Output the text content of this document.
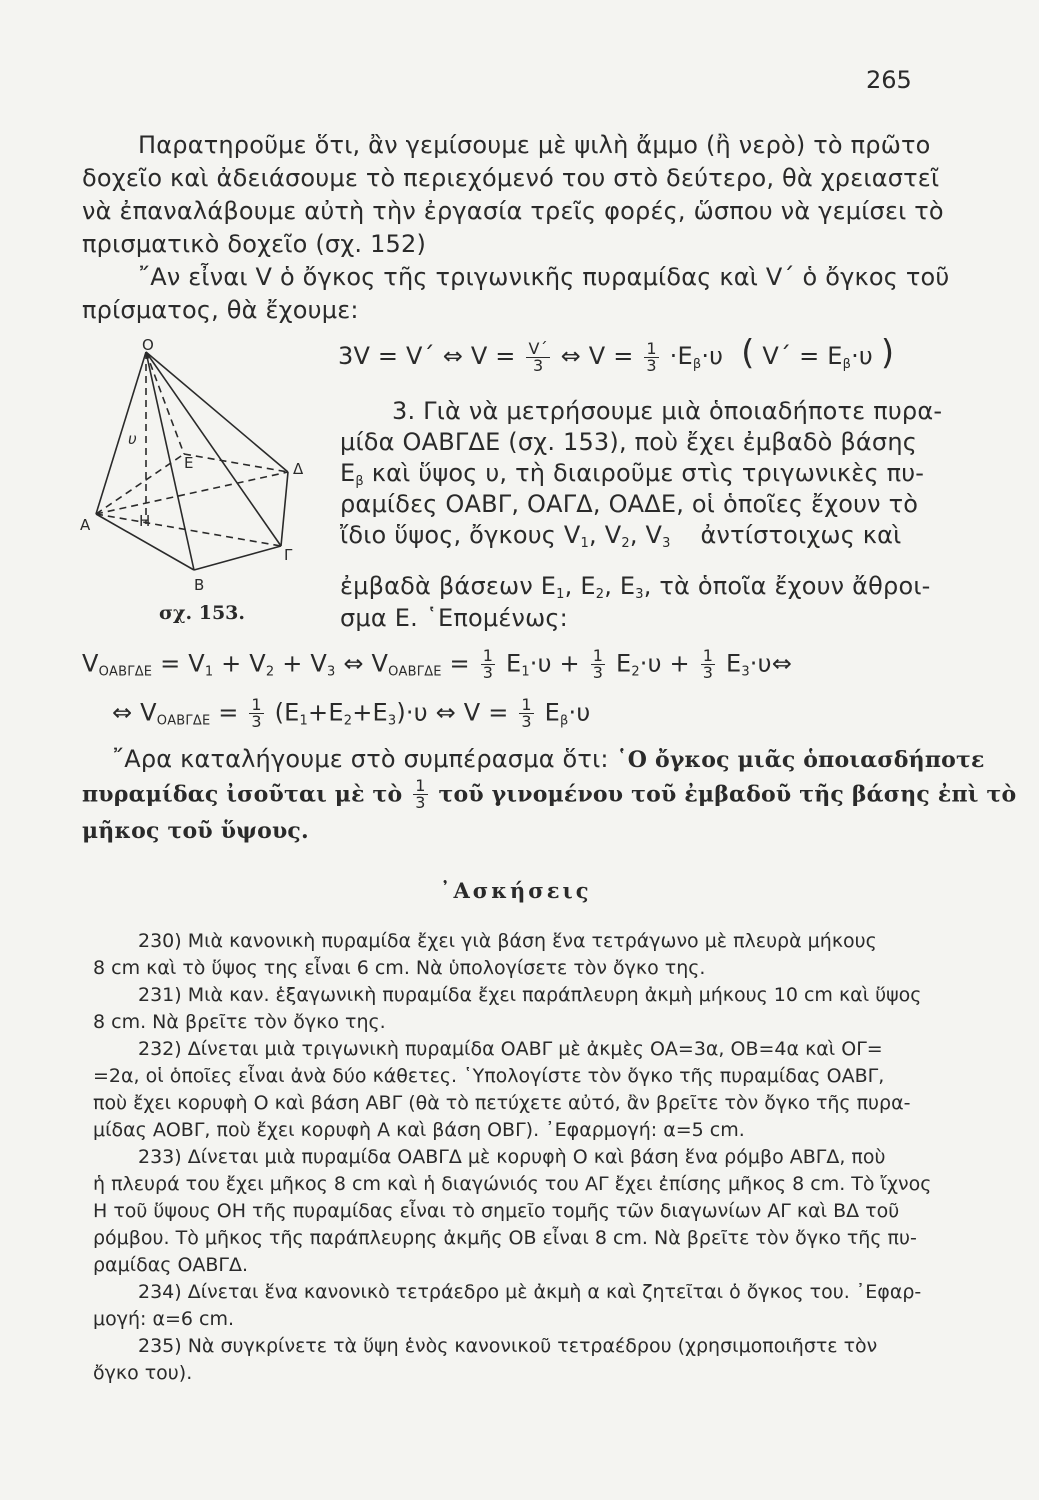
265
Παρατηροῦμε ὅτι, ἂν γεμίσουμε μὲ ψιλὴ ἄμμο (ἢ νερὸ) τὸ πρῶτο
δοχεῖο καὶ ἀδειάσουμε τὸ περιεχόμενό του στὸ δεύτερο, θὰ χρειαστεῖ
νὰ ἐπαναλάβουμε αὐτὴ τὴν ἐργασία τρεῖς φορές, ὥσπου νὰ γεμίσει τὸ
πρισματικὸ δοχεῖο (σχ. 152)
῎Αν εἶναι V ὁ ὄγκος τῆς τριγωνικῆς πυραμίδας καὶ V΄ ὁ ὄγκος τοῦ
πρίσματος, θὰ ἔχουμε:
3V = V΄ ⇔ $V = \frac{V΄}{3}$ ⇔ $V = \frac{1}{3} \cdot E_\beta\cdot\upsilon$ ( $V΄ = E_\beta\cdot\upsilon$ )
O
A
B
Γ
Δ
E
H
υ
σχ. 153.
3. Γιὰ νὰ μετρήσουμε μιὰ ὁποιαδήποτε πυρα-
μίδα ΟΑΒΓΔΕ (σχ. 153), ποὺ ἔχει ἐμβαδὸ βάσης
$E_\beta$ καὶ ὕψος υ, τὴ διαιροῦμε στὶς τριγωνικὲς πυ-
ραμίδες ΟΑΒΓ, ΟΑΓΔ, ΟΑΔΕ, οἱ ὁποῖες ἔχουν τὸ
ἴδιο ὕψος, ὄγκους $V_1$, $V_2$, $V_3$ ἀντίστοιχως καὶ
ἐμβαδὰ βάσεων $E_1$, $E_2$, $E_3$, τὰ ὁποῖα ἔχουν ἄθροι-
σμα Ε. ῾Επομένως:
$V_{OAB\Gamma\Delta E} = V_1 + V_2 + V_3$ ⇔ $V_{OAB\Gamma\Delta E} = \frac{1}{3} E_1\cdot\upsilon + \frac{1}{3} E_2\cdot\upsilon + \frac{1}{3}$ $E_3\cdot\upsilon\Leftrightarrow$
⇔ $V_{OAB\Gamma\Delta E} = \frac{1}{3} (E_1+E_2+E_3)\cdot\upsilon$ ⇔ $V = \frac{1}{3} E_\beta\cdot\upsilon$
῎Αρα καταλήγουμε στὸ συμπέρασμα ὅτι: ῾Ο ὄγκος μιᾶς ὁποιασδήποτε
πυραμίδας ἰσοῦται μὲ τὸ $\frac{1}{3}$ τοῦ γινομένου τοῦ ἐμβαδοῦ τῆς βάσης ἐπὶ τὸ
μῆκος τοῦ ὕψους.
᾽Ασκήσεις
230) Μιὰ κανονικὴ πυραμίδα ἔχει γιὰ βάση ἕνα τετράγωνο μὲ πλευρὰ μήκους
8 cm καὶ τὸ ὕψος της εἶναι 6 cm. Νὰ ὑπολογίσετε τὸν ὄγκο της.
231) Μιὰ καν. ἑξαγωνικὴ πυραμίδα ἔχει παράπλευρη ἀκμὴ μήκους 10 cm καὶ ὕψος
8 cm. Νὰ βρεῖτε τὸν ὄγκο της.
232) Δίνεται μιὰ τριγωνικὴ πυραμίδα ΟΑΒΓ μὲ ἀκμὲς ΟΑ=3α, ΟΒ=4α καὶ ΟΓ=
=2α, οἱ ὁποῖες εἶναι ἀνὰ δύο κάθετες. ῾Υπολογίστε τὸν ὄγκο τῆς πυραμίδας ΟΑΒΓ,
ποὺ ἔχει κορυφὴ Ο καὶ βάση ΑΒΓ (θὰ τὸ πετύχετε αὐτό, ἂν βρεῖτε τὸν ὄγκο τῆς πυρα-
μίδας ΑΟΒΓ, ποὺ ἔχει κορυφὴ Α καὶ βάση ΟΒΓ). ᾽Εφαρμογή: α=5 cm.
233) Δίνεται μιὰ πυραμίδα ΟΑΒΓΔ μὲ κορυφὴ Ο καὶ βάση ἕνα ρόμβο ΑΒΓΔ, ποὺ
ἡ πλευρά του ἔχει μῆκος 8 cm καὶ ἡ διαγώνιός του ΑΓ ἔχει ἐπίσης μῆκος 8 cm. Τὸ ἴχνος
Η τοῦ ὕψους ΟΗ τῆς πυραμίδας εἶναι τὸ σημεῖο τομῆς τῶν διαγωνίων ΑΓ καὶ ΒΔ τοῦ
ρόμβου. Τὸ μῆκος τῆς παράπλευρης ἀκμῆς ΟΒ εἶναι 8 cm. Νὰ βρεῖτε τὸν ὄγκο τῆς πυ-
ραμίδας ΟΑΒΓΔ.
234) Δίνεται ἕνα κανονικὸ τετράεδρο μὲ ἀκμὴ α καὶ ζητεῖται ὁ ὄγκος του. ᾽Εφαρ-
μογή: α=6 cm.
235) Νὰ συγκρίνετε τὰ ὕψη ἑνὸς κανονικοῦ τετραέδρου (χρησιμοποιῆστε τὸν
ὄγκο του).
